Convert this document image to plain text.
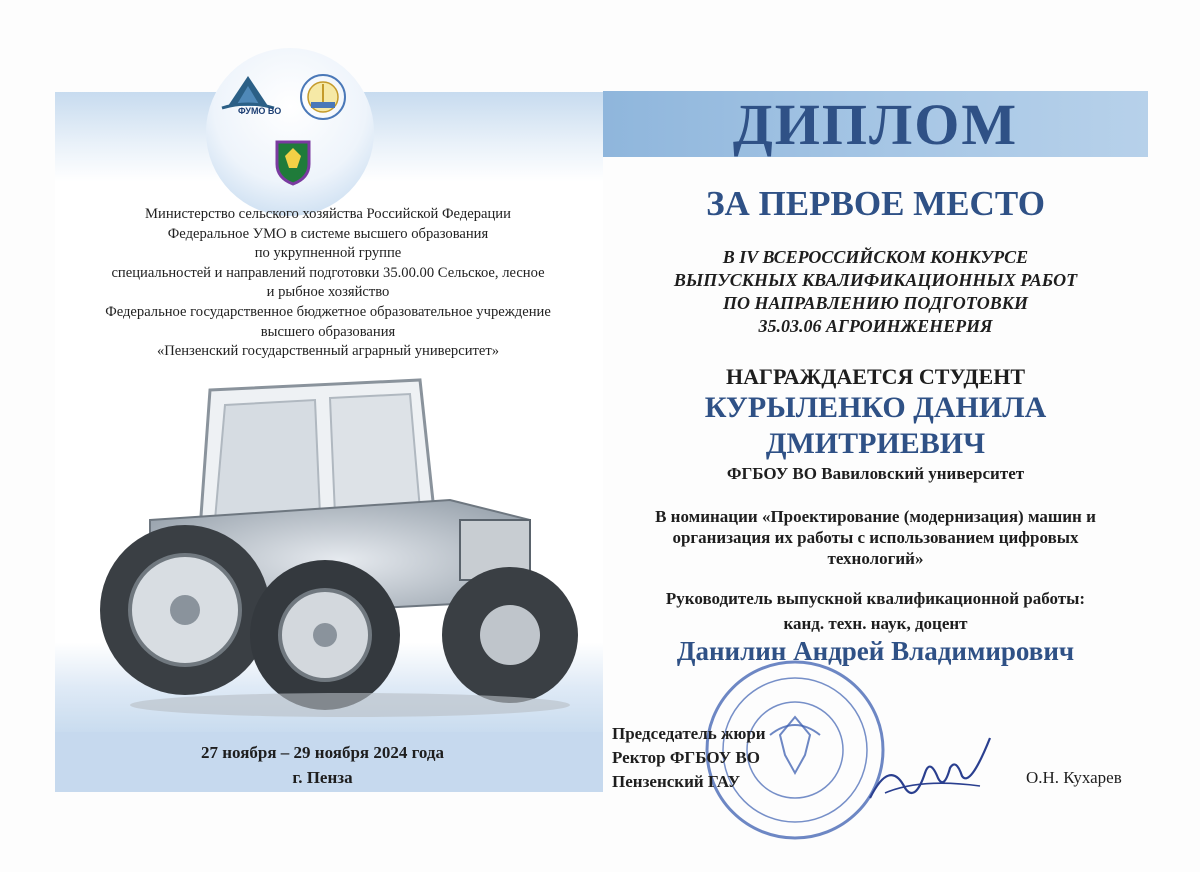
ФУМО ВО
Министерство сельского хозяйства Российской Федерации
Федеральное УМО в системе высшего образования
по укрупненной группе
специальностей и направлений подготовки 35.00.00 Сельское, лесное
и рыбное хозяйство
Федеральное государственное бюджетное образовательное учреждение
высшего образования
«Пензенский государственный аграрный университет»
27 ноября – 29 ноября 2024 года
г. Пенза
ДИПЛОМ
ЗА ПЕРВОЕ МЕСТО
В IV ВСЕРОССИЙСКОМ КОНКУРСЕ
ВЫПУСКНЫХ КВАЛИФИКАЦИОННЫХ РАБОТ
ПО НАПРАВЛЕНИЮ ПОДГОТОВКИ
35.03.06 АГРОИНЖЕНЕРИЯ
НАГРАЖДАЕТСЯ СТУДЕНТ
КУРЫЛЕНКО ДАНИЛА
ДМИТРИЕВИЧ
ФГБОУ ВО Вавиловский университет
В номинации «Проектирование (модернизация) машин и
организация их работы с использованием цифровых
технологий»
Руководитель выпускной квалификационной работы:
канд. техн. наук, доцент
Данилин Андрей Владимирович
Председатель жюри
Ректор ФГБОУ ВО
Пензенский ГАУ	О.Н. Кухарев
